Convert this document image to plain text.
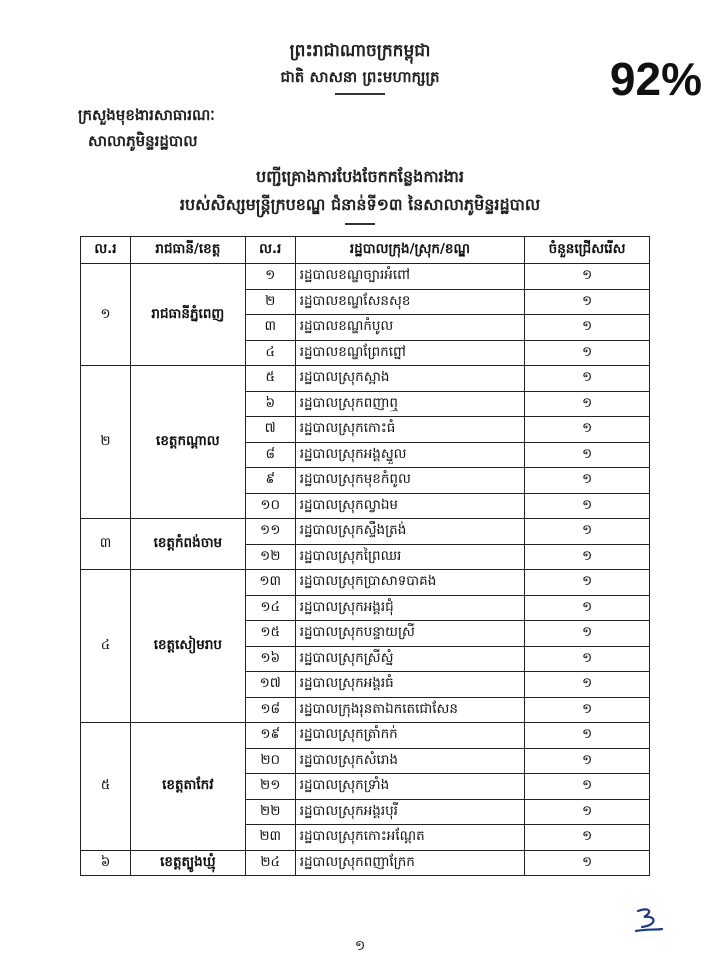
ព្រះរាជាណាចក្រកម្ពុជា
ជាតិ សាសនា ព្រះមហាក្សត្រ	92%
ក្រសួងមុខងារសាធារណៈ
សាលាភូមិន្ទរដ្ឋបាល
បញ្ជីគ្រោងការបែងចែកកន្លែងការងារ
របស់សិស្សមន្ត្រីក្របខណ្ឌ ជំនាន់ទី១៣ នៃសាលាភូមិន្ទរដ្ឋបាល
ល.រ	រាជធានី/ខេត្ត	ល.រ	រដ្ឋបាលក្រុង/ស្រុក/ខណ្ឌ	ចំនួនជ្រើសរើស
១	រាជធានីភ្នំពេញ	១	រដ្ឋបាលខណ្ឌច្បារអំពៅ	១
		២	រដ្ឋបាលខណ្ឌសែនសុខ	១
		៣	រដ្ឋបាលខណ្ឌកំបូល	១
		៤	រដ្ឋបាលខណ្ឌព្រែកព្នៅ	១
២	ខេត្តកណ្ដាល	៥	រដ្ឋបាលស្រុកស្អាង	១
		៦	រដ្ឋបាលស្រុកពញាឮ	១
		៧	រដ្ឋបាលស្រុកកោះធំ	១
		៨	រដ្ឋបាលស្រុកអង្គស្នួល	១
		៩	រដ្ឋបាលស្រុកមុខកំពូល	១
		១០	រដ្ឋបាលស្រុកល្វាឯម	១
៣	ខេត្តកំពង់ចាម	១១	រដ្ឋបាលស្រុកស្ទឹងត្រង់	១
		១២	រដ្ឋបាលស្រុកព្រៃឈរ	១
៤	ខេត្តសៀមរាប	១៣	រដ្ឋបាលស្រុកប្រាសាទបាគង	១
		១៤	រដ្ឋបាលស្រុកអង្គរជុំ	១
		១៥	រដ្ឋបាលស្រុកបន្ទាយស្រី	១
		១៦	រដ្ឋបាលស្រុកស្រីស្នំ	១
		១៧	រដ្ឋបាលស្រុកអង្គរធំ	១
		១៨	រដ្ឋបាលក្រុងរុនតាឯកតេជោសែន	១
៥	ខេត្តតាកែវ	១៩	រដ្ឋបាលស្រុកត្រាំកក់	១
		២០	រដ្ឋបាលស្រុកសំរោង	១
		២១	រដ្ឋបាលស្រុកទ្រាំង	១
		២២	រដ្ឋបាលស្រុកអង្គរបុរី	១
		២៣	រដ្ឋបាលស្រុកកោះអណ្ដែត	១
៦	ខេត្តត្បូងឃ្មុំ	២៤	រដ្ឋបាលស្រុកពញាក្រែក	១
១
